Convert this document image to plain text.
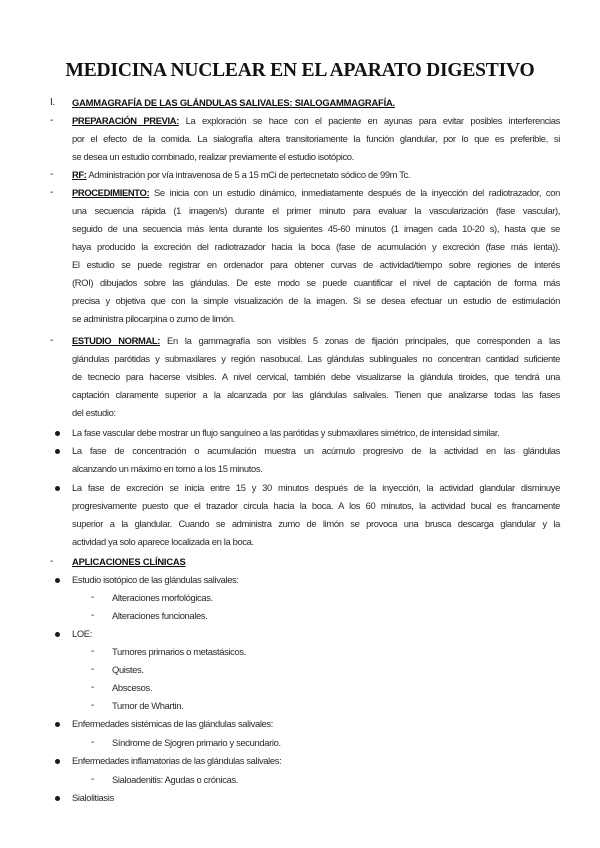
MEDICINA NUCLEAR EN EL APARATO DIGESTIVO
I. GAMMAGRAFÍA DE LAS GLÁNDULAS SALIVALES: SIALOGAMMAGRAFÍA.
- PREPARACIÓN PREVIA: La exploración se hace con el paciente en ayunas para evitar posibles interferencias
por el efecto de la comida. La sialografía altera transitoriamente la función glandular, por lo que es preferible, si
se desea un estudio combinado, realizar previamente el estudio isotópico.
- RF: Administración por vía intravenosa de 5 a 15 mCi de pertecnetato sódico de 99m Tc.
- PROCEDIMIENTO: Se inicia con un estudio dinámico, inmediatamente después de la inyección del radiotrazador, con
una secuencia rápida (1 imagen/s) durante el primer minuto para evaluar la vascularización (fase vascular),
seguido de una secuencia más lenta durante los siguientes 45-60 minutos (1 imagen cada 10-20 s), hasta que se
haya producido la excreción del radiotrazador hacia la boca (fase de acumulación y excreción (fase más lenta)).
El estudio se puede registrar en ordenador para obtener curvas de actividad/tiempo sobre regiones de interés
(ROI) dibujados sobre las glándulas. De este modo se puede cuantificar el nivel de captación de forma más
precisa y objetiva que con la simple visualización de la imagen. Si se desea efectuar un estudio de estimulación
se administra pilocarpina o zumo de limón.
- ESTUDIO NORMAL: En la gammagrafía son visibles 5 zonas de fijación principales, que corresponden a las
glándulas parótidas y submaxilares y región nasobucal. Las glándulas sublinguales no concentran cantidad suficiente
de tecnecio para hacerse visibles. A nivel cervical, también debe visualizarse la glándula tiroides, que tendrá una
captación claramente superior a la alcanzada por las glándulas salivales. Tienen que analizarse todas las fases
del estudio:
La fase vascular debe mostrar un flujo sanguíneo a las parótidas y submaxilares simétrico, de intensidad similar.
La fase de concentración o acumulación muestra un acúmulo progresivo de la actividad en las glándulas
alcanzando un máximo en torno a los 15 minutos.
La fase de excreción se inicia entre 15 y 30 minutos después de la inyección, la actividad glandular disminuye
progresivamente puesto que el trazador circula hacia la boca. A los 60 minutos, la actividad bucal es francamente
superior a la glandular. Cuando se administra zumo de limón se provoca una brusca descarga glandular y la
actividad ya solo aparece localizada en la boca.
- APLICACIONES CLÍNICAS
Estudio isotópico de las glándulas salivales:
- Alteraciones morfológicas.
- Alteraciones funcionales.
LOE:
- Tumores primarios o metastásicos.
- Quistes.
- Abscesos.
- Tumor de Whartin.
Enfermedades sistémicas de las glándulas salivales:
- Síndrome de Sjogren primario y secundario.
Enfermedades inflamatorias de las glándulas salivales:
- Sialoadenitis: Agudas o crónicas.
Sialolitiasis
